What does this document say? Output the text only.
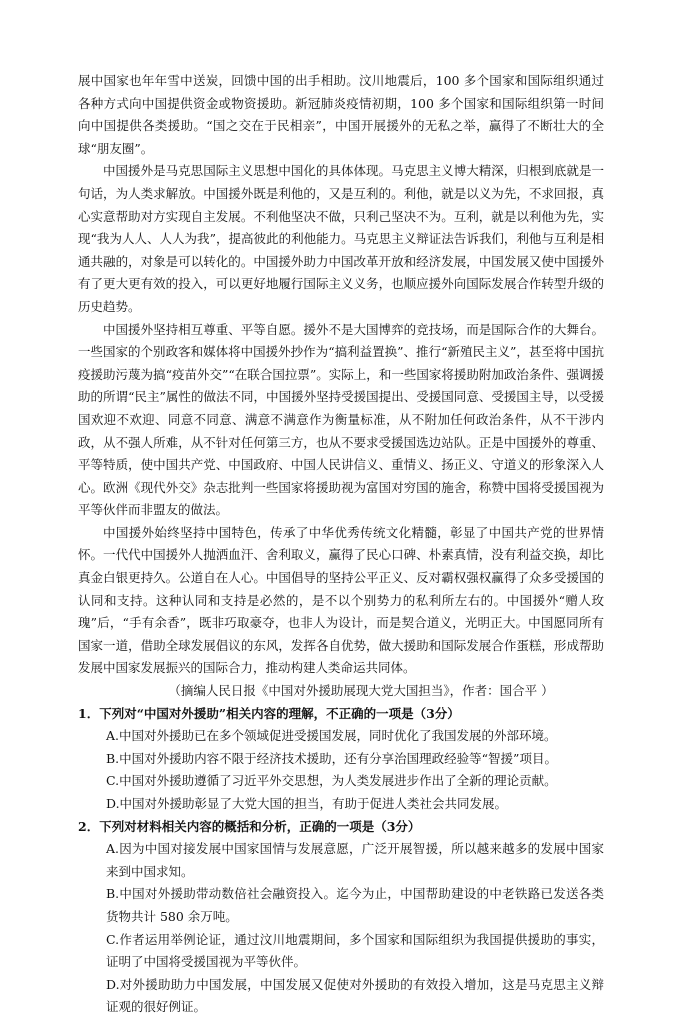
展中国家也年年雪中送炭，回馈中国的出手相助。汶川地震后，100 多个国家和国际组织通过各种方式向中国提供资金或物资援助。新冠肺炎疫情初期，100 多个国家和国际组织第一时间向中国提供各类援助。“国之交在于民相亲”，中国开展援外的无私之举，赢得了不断壮大的全球“朋友圈”。

中国援外是马克思国际主义思想中国化的具体体现。马克思主义博大精深，归根到底就是一句话，为人类求解放。中国援外既是利他的，又是互利的。利他，就是以义为先，不求回报，真心实意帮助对方实现自主发展。不利他坚决不做，只利己坚决不为。互利，就是以利他为先，实现“我为人人、人人为我”，提高彼此的利他能力。马克思主义辩证法告诉我们，利他与互利是相通共融的，对象是可以转化的。中国援外助力中国改革开放和经济发展，中国发展又使中国援外有了更大更有效的投入，可以更好地履行国际主义义务，也顺应援外向国际发展合作转型升级的历史趋势。

中国援外坚持相互尊重、平等自愿。援外不是大国博弈的竞技场，而是国际合作的大舞台。一些国家的个别政客和媒体将中国援外抄作为“搞利益置换”、推行“新殖民主义”，甚至将中国抗疫援助污蔑为搞“疫苗外交”“在联合国拉票”。实际上，和一些国家将援助附加政治条件、强调援助的所谓“民主”属性的做法不同，中国援外坚持受援国提出、受援国同意、受援国主导，以受援国欢迎不欢迎、同意不同意、满意不满意作为衡量标准，从不附加任何政治条件，从不干涉内政，从不强人所难，从不针对任何第三方，也从不要求受援国选边站队。正是中国援外的尊重、平等特质，使中国共产党、中国政府、中国人民讲信义、重情义、扬正义、守道义的形象深入人心。欧洲《现代外交》杂志批判一些国家将援助视为富国对穷国的施舍，称赞中国将受援国视为平等伙伴而非盟友的做法。

中国援外始终坚持中国特色，传承了中华优秀传统文化精髓，彰显了中国共产党的世界情怀。一代代中国援外人抛洒血汗、舍利取义，赢得了民心口碑、朴素真情，没有利益交换，却比真金白银更持久。公道自在人心。中国倡导的坚持公平正义、反对霸权强权赢得了众多受援国的认同和支持。这种认同和支持是必然的，是不以个别势力的私利所左右的。中国援外“赠人玫瑰”后，“手有余香”，既非巧取豪夺，也非人为设计，而是契合道义，光明正大。中国愿同所有国家一道，借助全球发展倡议的东风，发挥各自优势，做大援助和国际发展合作蛋糕，形成帮助发展中国家发展振兴的国际合力，推动构建人类命运共同体。

（摘编人民日报《中国对外援助展现大党大国担当》，作者：国合平 ）

1．下列对“中国对外援助”相关内容的理解，不正确的一项是（3分）

A.中国对外援助已在多个领域促进受援国发展，同时优化了我国发展的外部环境。

B.中国对外援助内容不限于经济技术援助，还有分享治国理政经验等“智援”项目。

C.中国对外援助遵循了习近平外交思想，为人类发展进步作出了全新的理论贡献。

D.中国对外援助彰显了大党大国的担当，有助于促进人类社会共同发展。

2．下列对材料相关内容的概括和分析，正确的一项是（3分）

A.因为中国对接发展中国家国情与发展意愿，广泛开展智援，所以越来越多的发展中国家来到中国求知。

B.中国对外援助带动数倍社会融资投入。迄今为止，中国帮助建设的中老铁路已发送各类货物共计 580 余万吨。

C.作者运用举例论证，通过汶川地震期间，多个国家和国际组织为我国提供援助的事实，证明了中国将受援国视为平等伙伴。

D.对外援助助力中国发展，中国发展又促使对外援助的有效投入增加，这是马克思主义辩证观的很好例证。
